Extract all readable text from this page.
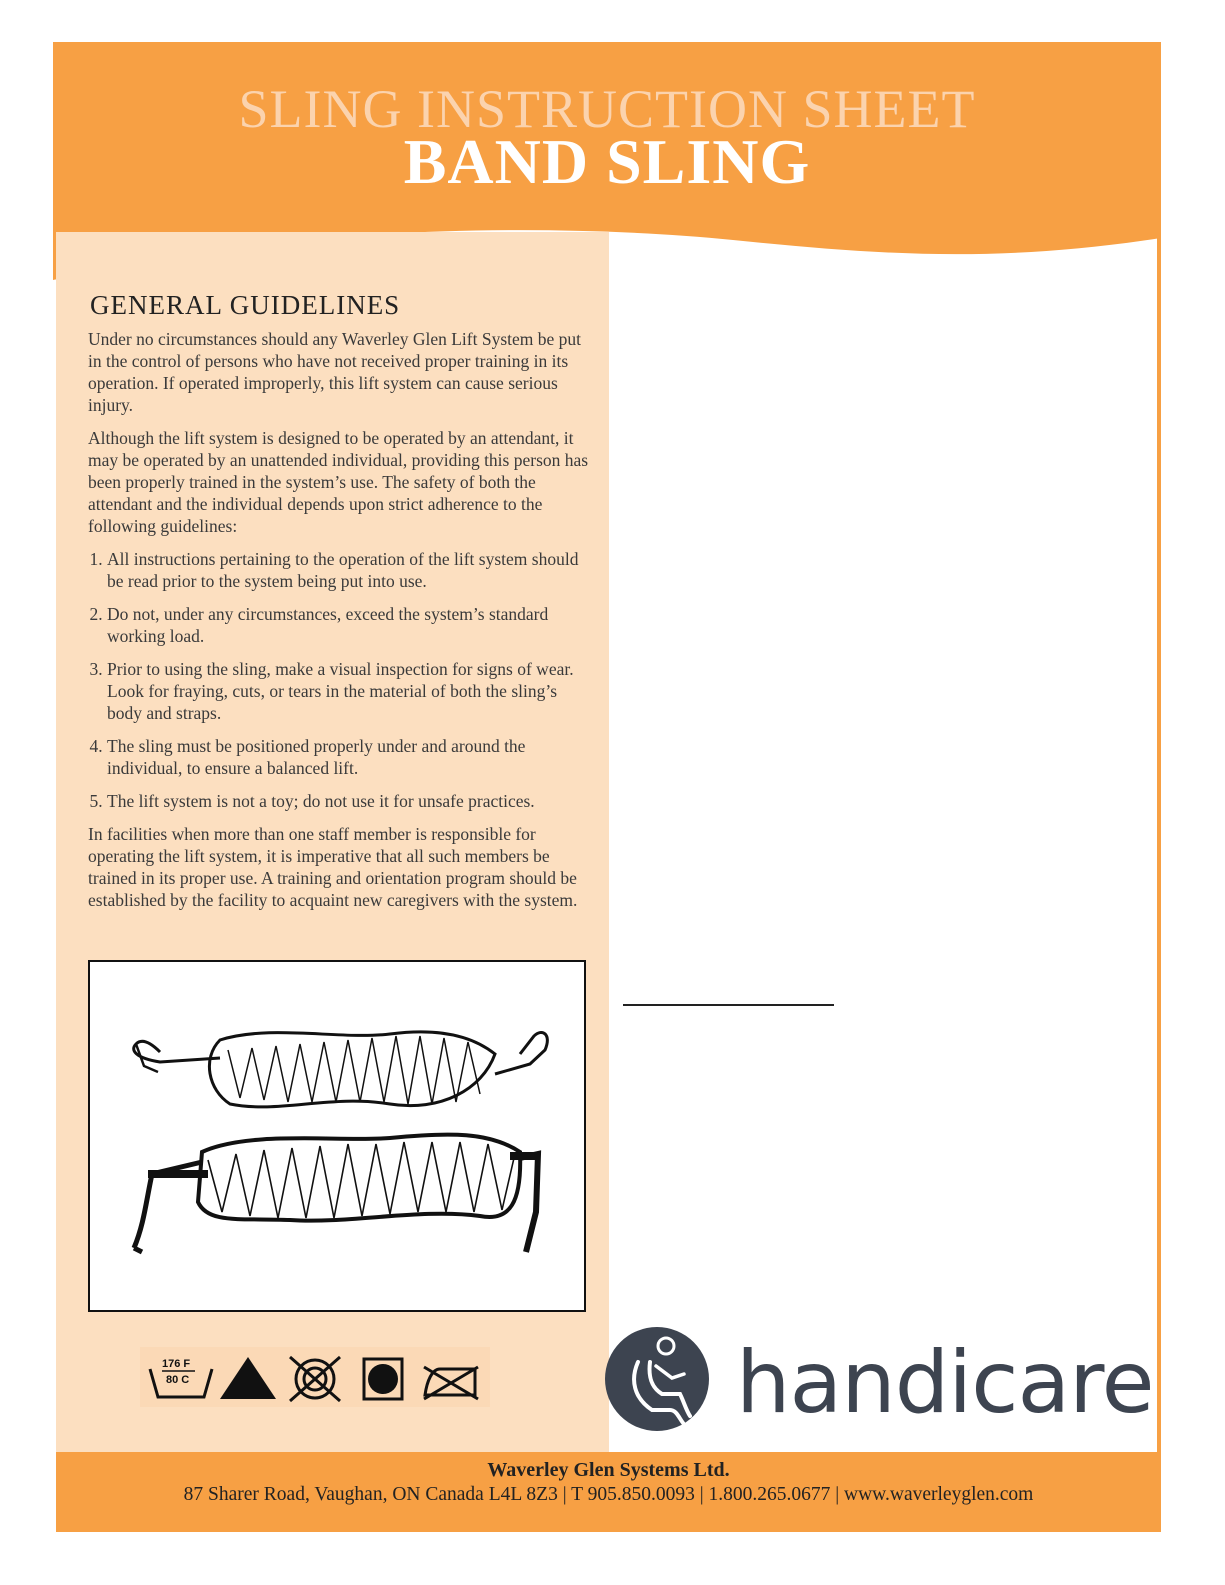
SLING INSTRUCTION SHEET
BAND SLING
GENERAL GUIDELINES

Under no circumstances should any Waverley Glen Lift System be put in the control of persons who have not received proper training in its operation. If operated improperly, this lift system can cause serious injury.

Although the lift system is designed to be operated by an attendant, it may be operated by an unattended individual, providing this person has been properly trained in the system’s use. The safety of both the attendant and the individual depends upon strict adherence to the following guidelines:

1. All instructions pertaining to the operation of the lift system should be read prior to the system being put into use.
2. Do not, under any circumstances, exceed the system’s standard working load.
3. Prior to using the sling, make a visual inspection for signs of wear. Look for fraying, cuts, or tears in the material of both the sling’s body and straps.
4. The sling must be positioned properly under and around the individual, to ensure a balanced lift.
5. The lift system is not a toy; do not use it for unsafe practices.

In facilities when more than one staff member is responsible for operating the lift system, it is imperative that all such members be trained in its proper use. A training and orientation program should be established by the facility to acquaint new caregivers with the system.

176 F
80 C	handicare
Waverley Glen Systems Ltd.
87 Sharer Road, Vaughan, ON Canada L4L 8Z3 | T 905.850.0093 | 1.800.265.0677 | www.waverleyglen.com
